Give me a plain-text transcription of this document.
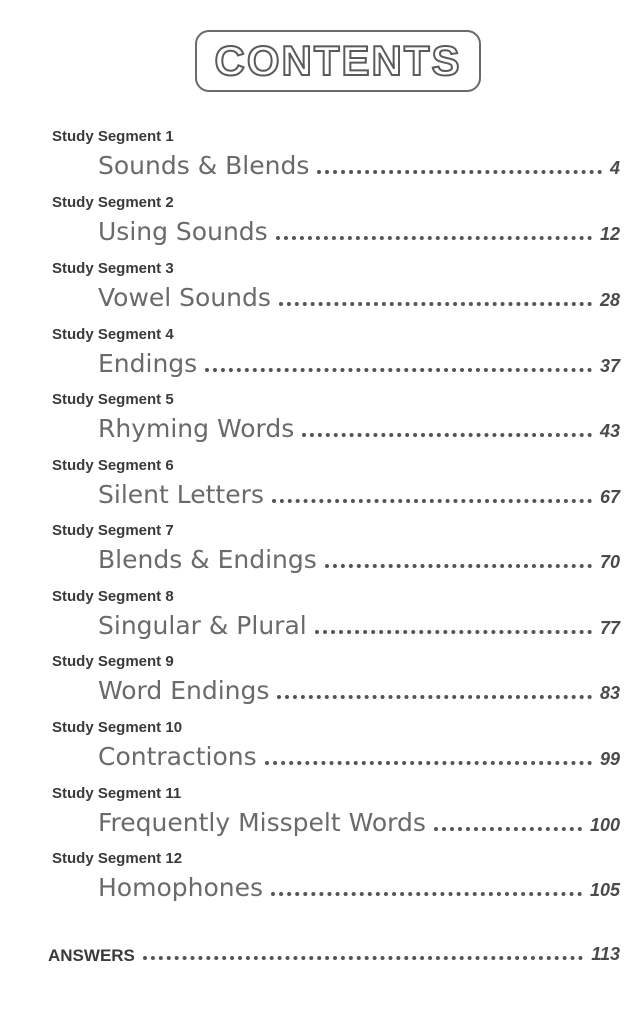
CONTENTS
Study Segment 1
Sounds & Blends	4
Study Segment 2
Using Sounds	12
Study Segment 3
Vowel Sounds	28
Study Segment 4
Endings	37
Study Segment 5
Rhyming Words	43
Study Segment 6
Silent Letters	67
Study Segment 7
Blends & Endings	70
Study Segment 8
Singular & Plural	77
Study Segment 9
Word Endings	83
Study Segment 10
Contractions	99
Study Segment 11
Frequently Misspelt Words	100
Study Segment 12
Homophones	105
ANSWERS	113
